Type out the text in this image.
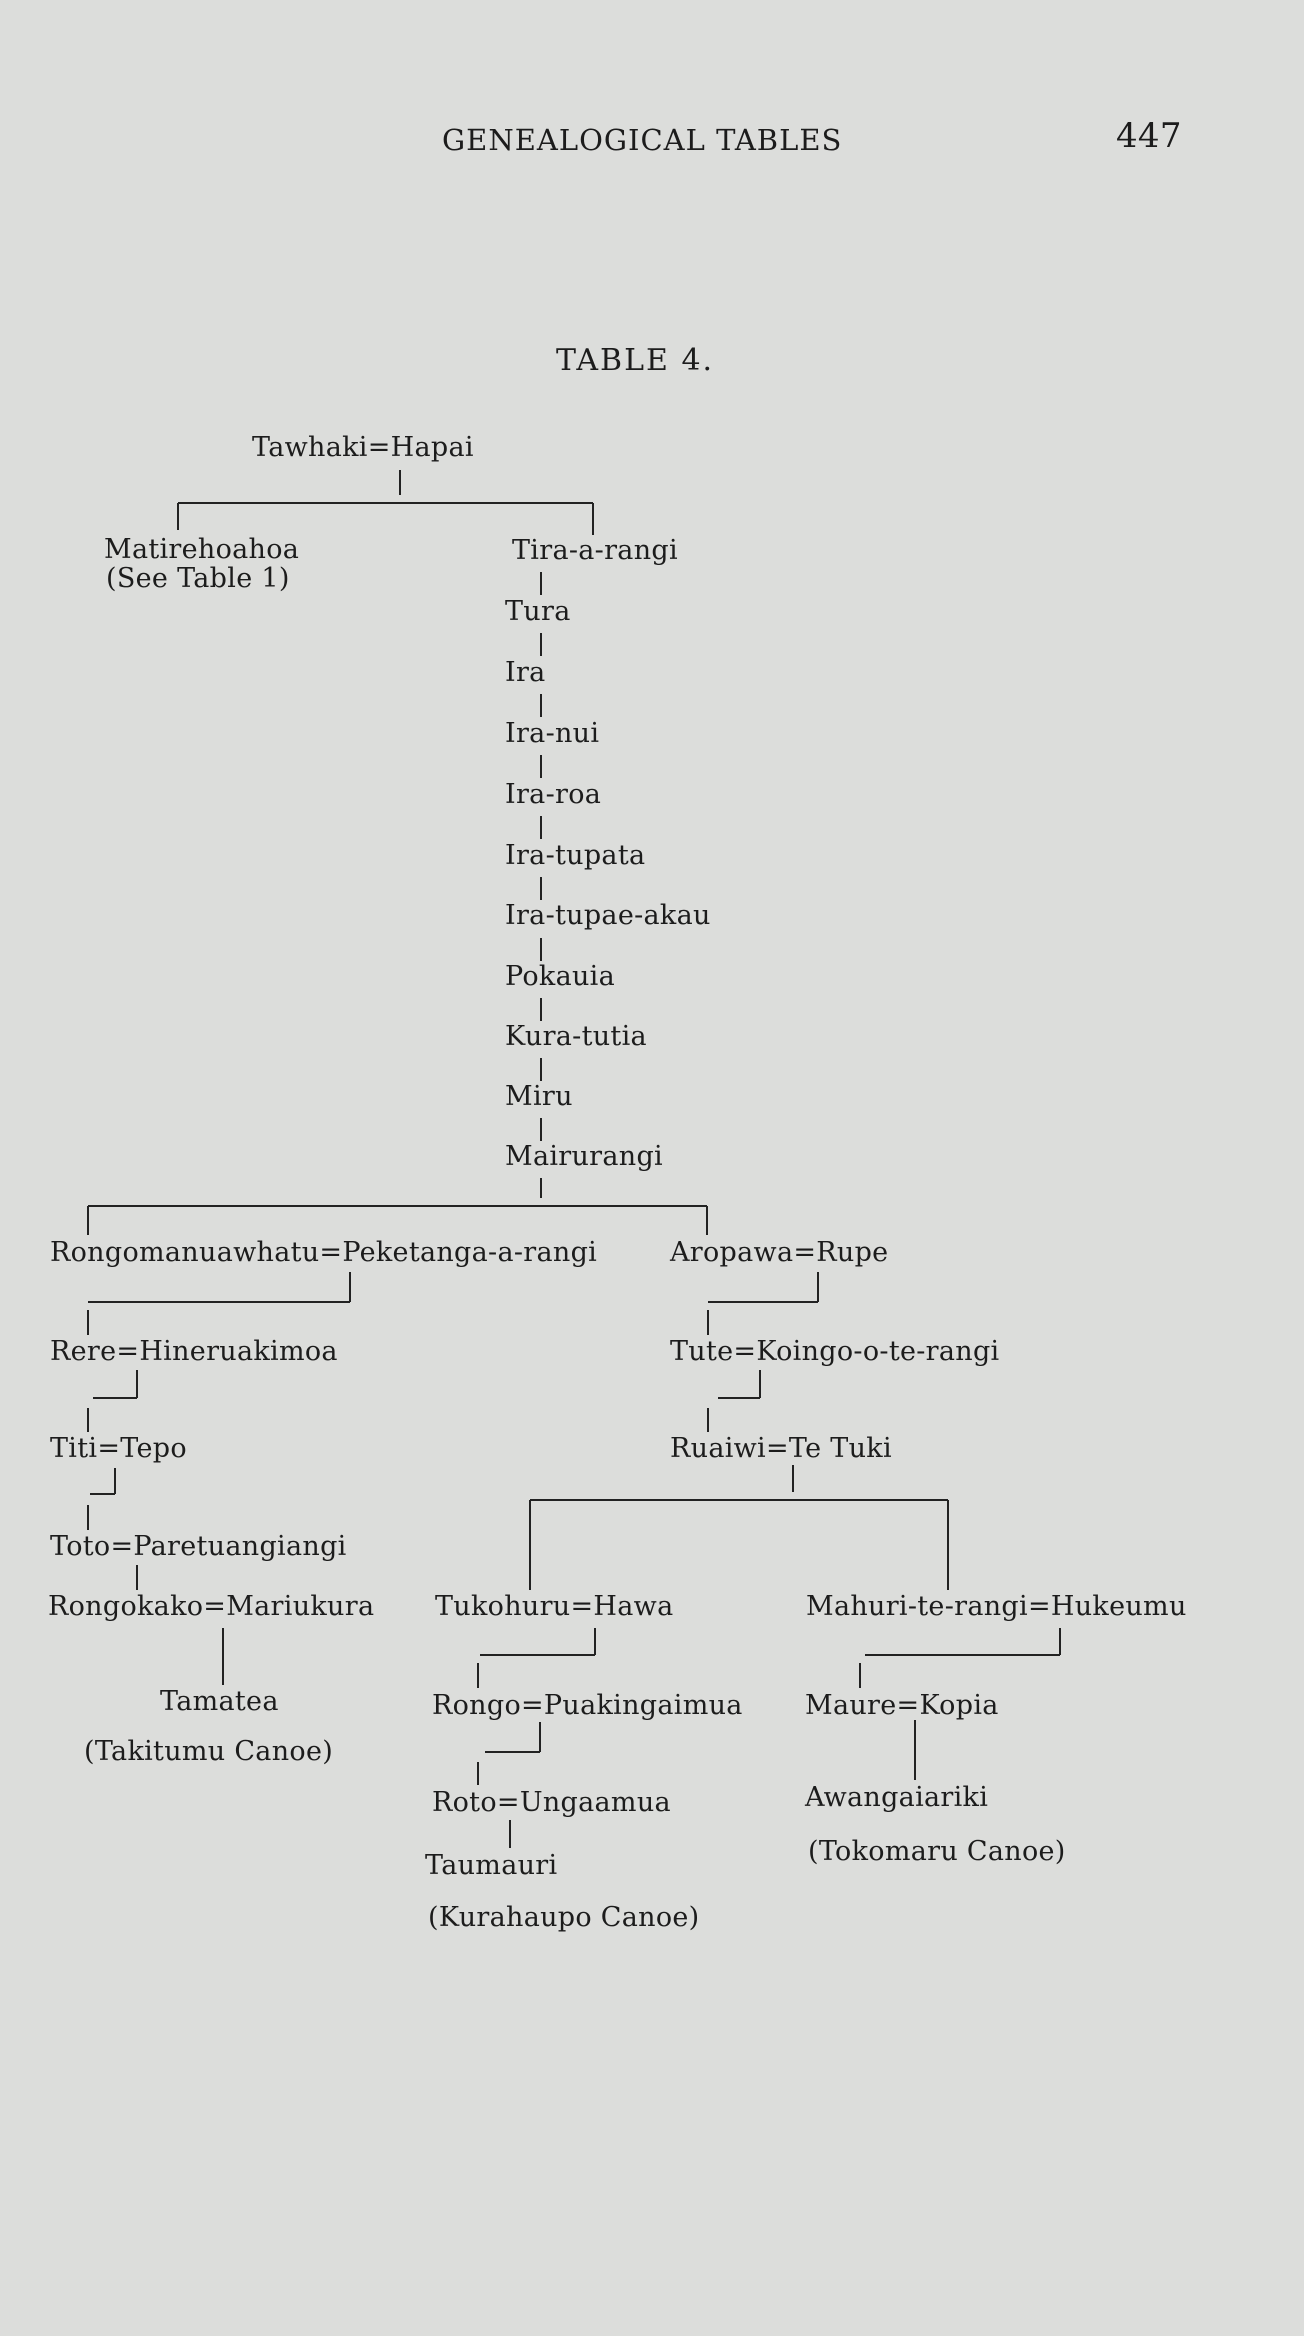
GENEALOGICAL TABLES	447
TABLE 4.
Tawhaki=Hapai
Matirehoahoa
(See Table 1)
Tira-a-rangi
Tura
Ira
Ira-nui
Ira-roa
Ira-tupata
Ira-tupae-akau
Pokauia
Kura-tutia
Miru
Mairurangi
Rongomanuawhatu=Peketanga-a-rangi	Aropawa=Rupe
Rere=Hineruakimoa
Titi=Tepo
Toto=Paretuangiangi
Rongokako=Mariukura
Tamatea
(Takitumu Canoe)
Tute=Koingo-o-te-rangi
Ruaiwi=Te Tuki
Tukohuru=Hawa	Mahuri-te-rangi=Hukeumu
Rongo=Puakingaimua Maure=Kopia
Roto=Ungaamua	Awangaiariki
Taumauri	(Tokomaru Canoe)
(Kurahaupo Canoe)
